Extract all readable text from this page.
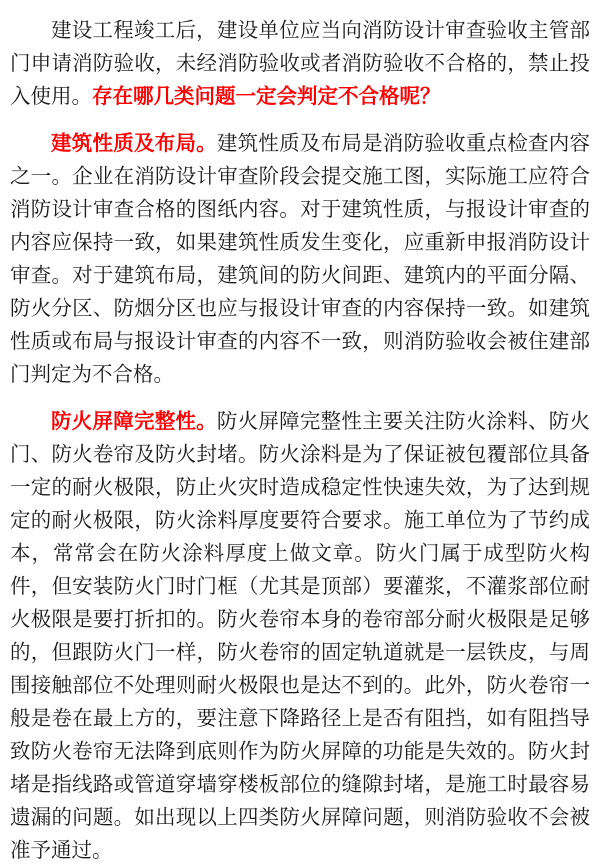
建设工程竣工后，建设单位应当向消防设计审查验收主管部门申请消防验收，未经消防验收或者消防验收不合格的，禁止投入使用。存在哪几类问题一定会判定不合格呢？

建筑性质及布局。建筑性质及布局是消防验收重点检查内容之一。企业在消防设计审查阶段会提交施工图，实际施工应符合消防设计审查合格的图纸内容。对于建筑性质，与报设计审查的内容应保持一致，如果建筑性质发生变化，应重新申报消防设计审查。对于建筑布局，建筑间的防火间距、建筑内的平面分隔、防火分区、防烟分区也应与报设计审查的内容保持一致。如建筑性质或布局与报设计审查的内容不一致，则消防验收会被住建部门判定为不合格。

防火屏障完整性。防火屏障完整性主要关注防火涂料、防火门、防火卷帘及防火封堵。防火涂料是为了保证被包覆部位具备一定的耐火极限，防止火灾时造成稳定性快速失效，为了达到规定的耐火极限，防火涂料厚度要符合要求。施工单位为了节约成本，常常会在防火涂料厚度上做文章。防火门属于成型防火构件，但安装防火门时门框（尤其是顶部）要灌浆，不灌浆部位耐火极限是要打折扣的。防火卷帘本身的卷帘部分耐火极限是足够的，但跟防火门一样，防火卷帘的固定轨道就是一层铁皮，与周围接触部位不处理则耐火极限也是达不到的。此外，防火卷帘一般是卷在最上方的，要注意下降路径上是否有阻挡，如有阻挡导致防火卷帘无法降到底则作为防火屏障的功能是失效的。防火封堵是指线路或管道穿墙穿楼板部位的缝隙封堵，是施工时最容易遗漏的问题。如出现以上四类防火屏障问题，则消防验收不会被准予通过。
